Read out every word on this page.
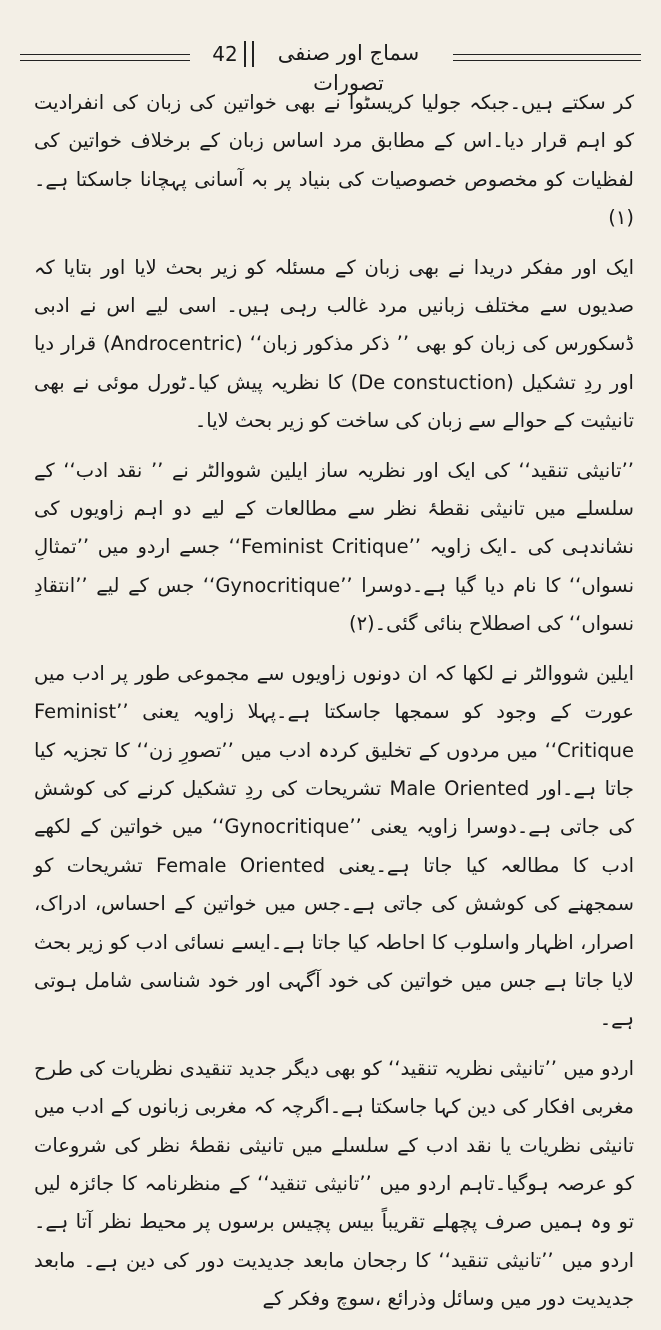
42	سماج اور صنفی تصورات

کر سکتے ہیں۔جبکہ جولیا کریسٹوا نے بھی خواتین کی زبان کی انفرادیت کو اہم قرار دیا۔اس کے مطابق مرد اساس زبان کے برخلاف خواتین کی لفظیات کو مخصوص خصوصیات کی بنیاد پر بہ آسانی پہچانا جاسکتا ہے۔(۱)

ایک اور مفکر دریدا نے بھی زبان کے مسئلہ کو زیر بحث لایا اور بتایا کہ صدیوں سے مختلف زبانیں مرد غالب رہی ہیں۔ اسی لیے اس نے ادبی ڈسکورس کی زبان کو بھی ’’ ذکر مذکور زبان‘‘ (Androcentric) قرار دیا اور ردِ تشکیل (De constuction) کا نظریہ پیش کیا۔ٹورل موئی نے بھی تانیثیت کے حوالے سے زبان کی ساخت کو زیر بحث لایا۔

’’تانیثی تنقید‘‘ کی ایک اور نظریہ ساز ایلین شووالٹر نے ’’ نقد ادب‘‘ کے سلسلے میں تانیثی نقطۂ نظر سے مطالعات کے لیے دو اہم زاویوں کی نشاندہی کی ۔ایک زاویہ ’’Feminist Critique‘‘ جسے اردو میں ’’تمثالِ نسواں‘‘ کا نام دیا گیا ہے۔دوسرا ’’Gynocritique‘‘ جس کے لیے ’’انتقادِ نسواں‘‘ کی اصطلاح بنائی گئی۔(۲)

ایلین شووالٹر نے لکھا کہ ان دونوں زاویوں سے مجموعی طور پر ادب میں عورت کے وجود کو سمجھا جاسکتا ہے۔پہلا زاویہ یعنی ’’Feminist Critique‘‘ میں مردوں کے تخلیق کردہ ادب میں ’’تصورِ زن‘‘ کا تجزیہ کیا جاتا ہے۔اور Male Oriented تشریحات کی ردِ تشکیل کرنے کی کوشش کی جاتی ہے۔دوسرا زاویہ یعنی ’’Gynocritique‘‘ میں خواتین کے لکھے ادب کا مطالعہ کیا جاتا ہے۔یعنی Female Oriented تشریحات کو سمجھنے کی کوشش کی جاتی ہے۔جس میں خواتین کے احساس، ادراک، اصرار، اظہار واسلوب کا احاطہ کیا جاتا ہے۔ایسے نسائی ادب کو زیر بحث لایا جاتا ہے جس میں خواتین کی خود آگہی اور خود شناسی شامل ہوتی ہے۔

اردو میں ’’تانیثی نظریہ تنقید‘‘ کو بھی دیگر جدید تنقیدی نظریات کی طرح مغربی افکار کی دین کہا جاسکتا ہے۔اگرچہ کہ مغربی زبانوں کے ادب میں تانیثی نظریات یا نقد ادب کے سلسلے میں تانیثی نقطۂ نظر کی شروعات کو عرصہ ہوگیا۔تاہم اردو میں ’’تانیثی تنقید‘‘ کے منظرنامہ کا جائزہ لیں تو وہ ہمیں صرف پچھلے تقریباً بیس پچیس برسوں پر محیط نظر آتا ہے۔ اردو میں ’’تانیثی تنقید‘‘ کا رجحان مابعد جدیدیت دور کی دین ہے۔ مابعد جدیدیت دور میں وسائل وذرائع ،سوچ وفکر کے
